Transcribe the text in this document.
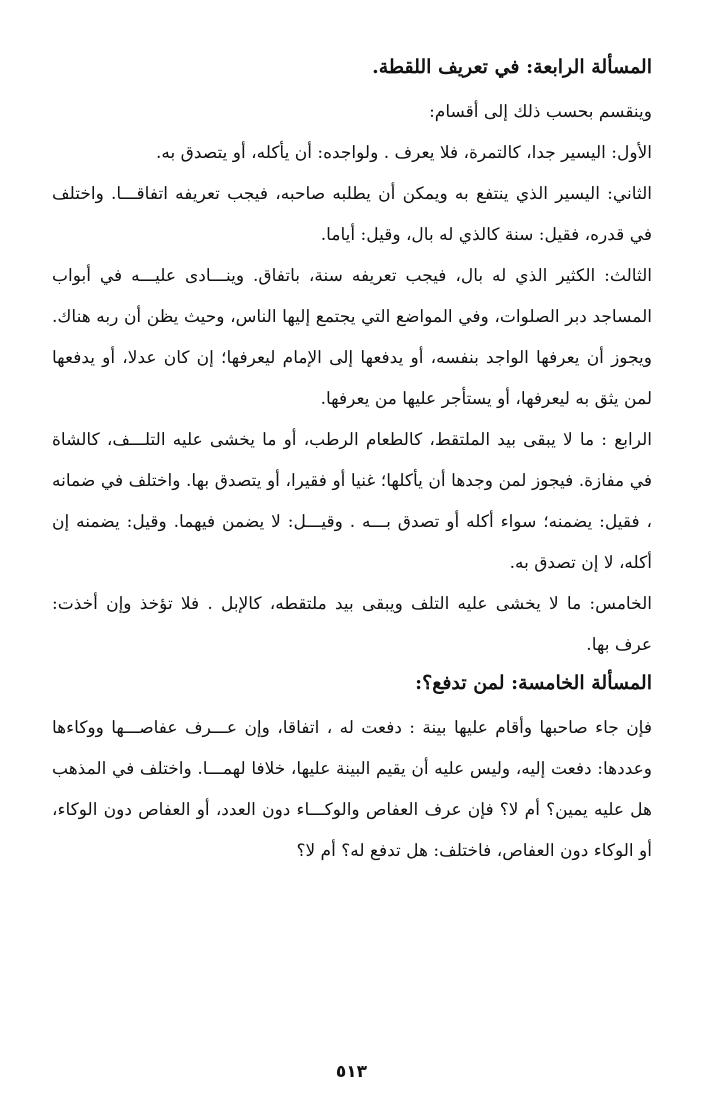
المسألة الرابعة: في تعريف اللقطة.

وينقسم بحسب ذلك إلى أقسام:

الأول: اليسير جدا، كالتمرة، فلا يعرف . ولواجده: أن يأكله، أو يتصدق به.

الثاني: اليسير الذي ينتفع به ويمكن أن يطلبه صاحبه، فيجب تعريفه اتفاقـــا. واختلف في قدره، فقيل: سنة كالذي له بال، وقيل: أياما.

الثالث: الكثير الذي له بال، فيجب تعريفه سنة، باتفاق. وينـــادى عليـــه في أبواب المساجد دبر الصلوات، وفي المواضع التي يجتمع إليها الناس، وحيث يظن أن ربه هناك. ويجوز أن يعرفها الواجد بنفسه، أو يدفعها إلى الإمام ليعرفها؛ إن كان عدلا، أو يدفعها لمن يثق به ليعرفها، أو يستأجر عليها من يعرفها.

الرابع : ما لا يبقى بيد الملتقط، كالطعام الرطب، أو ما يخشى عليه التلـــف، كالشاة في مفازة. فيجوز لمن وجدها أن يأكلها؛ غنيا أو فقيرا، أو يتصدق بها. واختلف في ضمانه ، فقيل: يضمنه؛ سواء أكله أو تصدق بـــه . وقيـــل: لا يضمن فيهما. وقيل: يضمنه إن أكله، لا إن تصدق به.

الخامس: ما لا يخشى عليه التلف ويبقى بيد ملتقطه، كالإبل . فلا تؤخذ وإن أخذت: عرف بها.

المسألة الخامسة: لمن تدفع؟:

فإن جاء صاحبها وأقام عليها بينة : دفعت له ، اتفاقا، وإن عـــرف عفاصـــها ووكاءها وعددها: دفعت إليه، وليس عليه أن يقيم البينة عليها، خلافا لهمـــا. واختلف في المذهب هل عليه يمين؟ أم لا؟ فإن عرف العفاص والوكـــاء دون العدد، أو العفاص دون الوكاء، أو الوكاء دون العفاص، فاختلف: هل تدفع له؟ أم لا؟

٥١٣
